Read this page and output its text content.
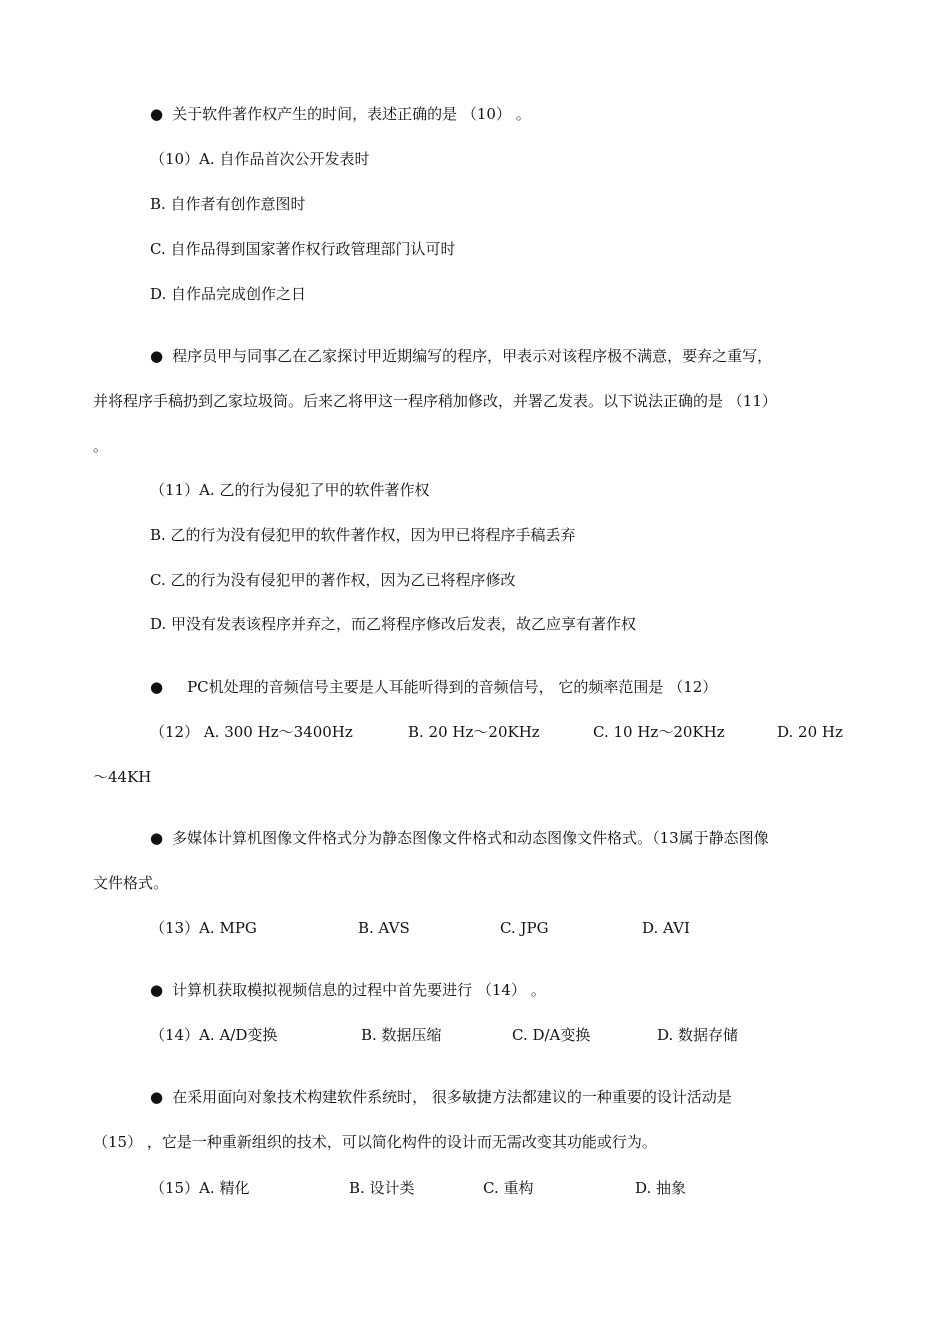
● 关于软件著作权产生的时间，表述正确的是 （10） 。
（10）A. 自作品首次公开发表时
B. 自作者有创作意图时
C. 自作品得到国家著作权行政管理部门认可时
D. 自作品完成创作之日
● 程序员甲与同事乙在乙家探讨甲近期编写的程序，甲表示对该程序极不满意，要弃之重写，
并将程序手稿扔到乙家垃圾筒。后来乙将甲这一程序稍加修改，并署乙发表。以下说法正确的是 （11）
。
（11）A. 乙的行为侵犯了甲的软件著作权
B. 乙的行为没有侵犯甲的软件著作权，因为甲已将程序手稿丢弃
C. 乙的行为没有侵犯甲的著作权，因为乙已将程序修改
D. 甲没有发表该程序并弃之，而乙将程序修改后发表，故乙应享有著作权
● PC机处理的音频信号主要是人耳能听得到的音频信号， 它的频率范围是 （12）
（12） A. 300 Hz～3400Hz	B. 20 Hz～20KHz	C. 10 Hz～20KHz	D. 20 Hz
～44KH
● 多媒体计算机图像文件格式分为静态图像文件格式和动态图像文件格式。（13属于静态图像
文件格式。
（13）A. MPG	B. AVS	C. JPG	D. AVI
● 计算机获取模拟视频信息的过程中首先要进行 （14） 。
（14）A. A/D变换	B. 数据压缩	C. D/A变换	D. 数据存储
● 在采用面向对象技术构建软件系统时， 很多敏捷方法都建议的一种重要的设计活动是
（15） ，它是一种重新组织的技术，可以简化构件的设计而无需改变其功能或行为。
（15）A. 精化	B. 设计类	C. 重构	D. 抽象
